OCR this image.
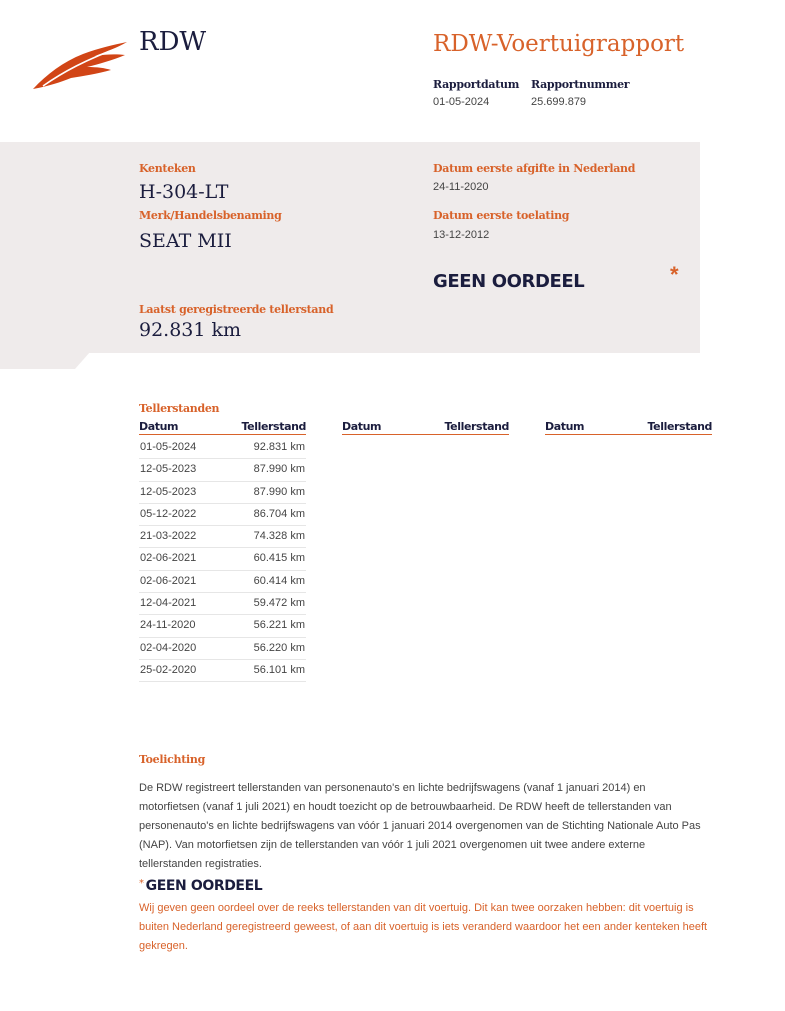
RDW	RDW-Voertuigrapport
Rapportdatum
01-05-2024
Rapportnummer
25.699.879
Kenteken
H-304-LT
Merk/Handelsbenaming
SEAT MII
Datum eerste afgifte in Nederland
24-11-2020
Datum eerste toelating
13-12-2012
GEEN OORDEEL	*
Laatst geregistreerde tellerstand
92.831 km
Tellerstanden
Datum	Tellerstand	Datum	Tellerstand	Datum	Tellerstand
01-05-2024	92.831 km
12-05-2023	87.990 km
12-05-2023	87.990 km
05-12-2022	86.704 km
21-03-2022	74.328 km
02-06-2021	60.415 km
02-06-2021	60.414 km
12-04-2021	59.472 km
24-11-2020	56.221 km
02-04-2020	56.220 km
25-02-2020	56.101 km
Toelichting
De RDW registreert tellerstanden van personenauto's en lichte bedrijfswagens (vanaf 1 januari 2014) en motorfietsen (vanaf 1 juli 2021) en houdt toezicht op de betrouwbaarheid. De RDW heeft de tellerstanden van personenauto's en lichte bedrijfswagens van vóór 1 januari 2014 overgenomen van de Stichting Nationale Auto Pas (NAP). Van motorfietsen zijn de tellerstanden van vóór 1 juli 2021 overgenomen uit twee andere externe tellerstanden registraties.
* GEEN OORDEEL
Wij geven geen oordeel over de reeks tellerstanden van dit voertuig. Dit kan twee oorzaken hebben: dit voertuig is buiten Nederland geregistreerd geweest, of aan dit voertuig is iets veranderd waardoor het een ander kenteken heeft gekregen.
